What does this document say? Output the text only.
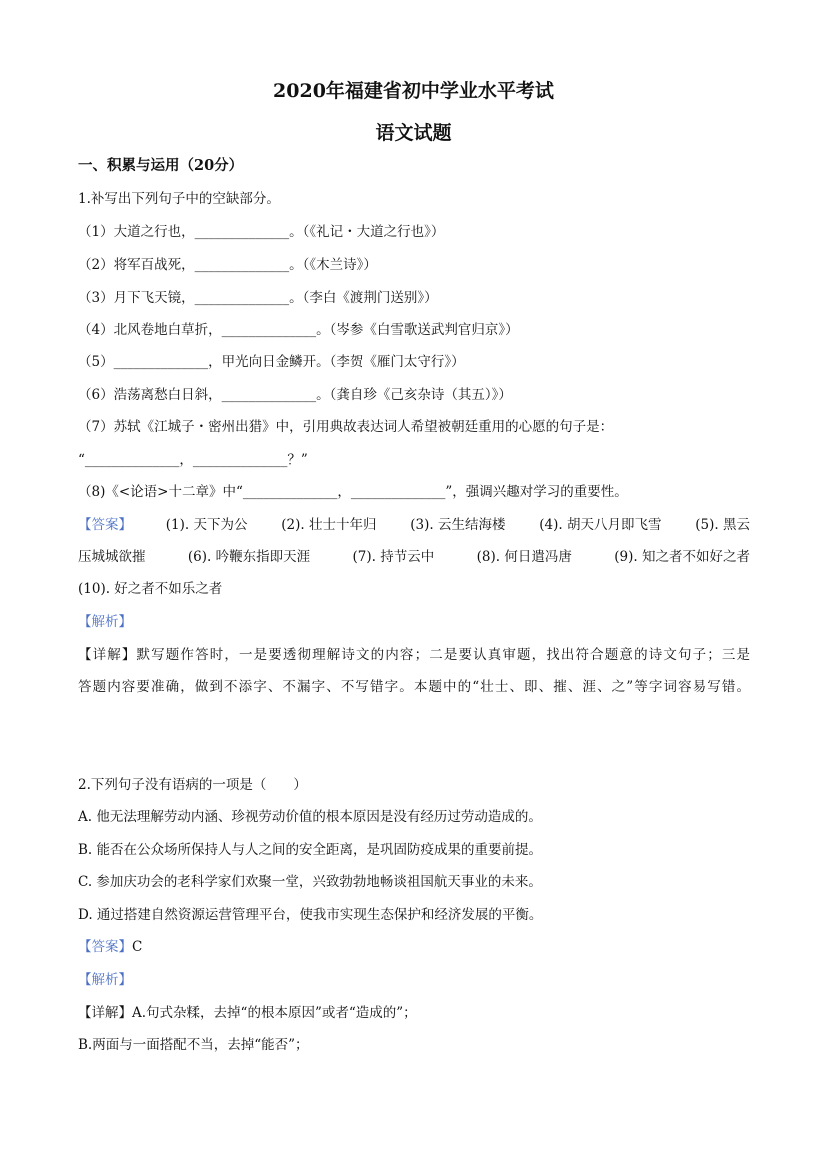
2020年福建省初中学业水平考试
语文试题
一、积累与运用（20分）
1.补写出下列句子中的空缺部分。
（1）大道之行也，______________。（《礼记・大道之行也》）
（2）将军百战死，______________。（《木兰诗》）
（3）月下飞天镜，______________。（李白《渡荆门送别》）
（4）北风卷地白草折，______________。（岑参《白雪歌送武判官归京》）
（5）______________，甲光向日金鳞开。（李贺《雁门太守行》）
（6）浩荡离愁白日斜，______________。（龚自珍《己亥杂诗（其五）》）
（7）苏轼《江城子・密州出猎》中，引用典故表达词人希望被朝廷重用的心愿的句子是：
“______________，______________？”
（8)《<论语>十二章》中“______________，______________”，强调兴趣对学习的重要性。
【答案】	(1). 天下为公	(2). 壮士十年归	(3). 云生结海楼	(4). 胡天八月即飞雪	(5). 黑云
压城城欲摧	(6). 吟鞭东指即天涯	(7). 持节云中	(8). 何日遣冯唐	(9). 知之者不如好之者
(10). 好之者不如乐之者
【解析】
【详解】默写题作答时，一是要透彻理解诗文的内容；二是要认真审题，找出符合题意的诗文句子；三是
答题内容要准确，做到不添字、不漏字、不写错字。本题中的“壮士、即、摧、涯、之”等字词容易写错。
2.下列句子没有语病的一项是（　　）
A. 他无法理解劳动内涵、珍视劳动价值的根本原因是没有经历过劳动造成的。
B. 能否在公众场所保持人与人之间的安全距离，是巩固防疫成果的重要前提。
C. 参加庆功会的老科学家们欢聚一堂，兴致勃勃地畅谈祖国航天事业的未来。
D. 通过搭建自然资源运营管理平台，使我市实现生态保护和经济发展的平衡。
【答案】C
【解析】
【详解】A.句式杂糅，去掉“的根本原因”或者“造成的”；
B.两面与一面搭配不当，去掉“能否”；
